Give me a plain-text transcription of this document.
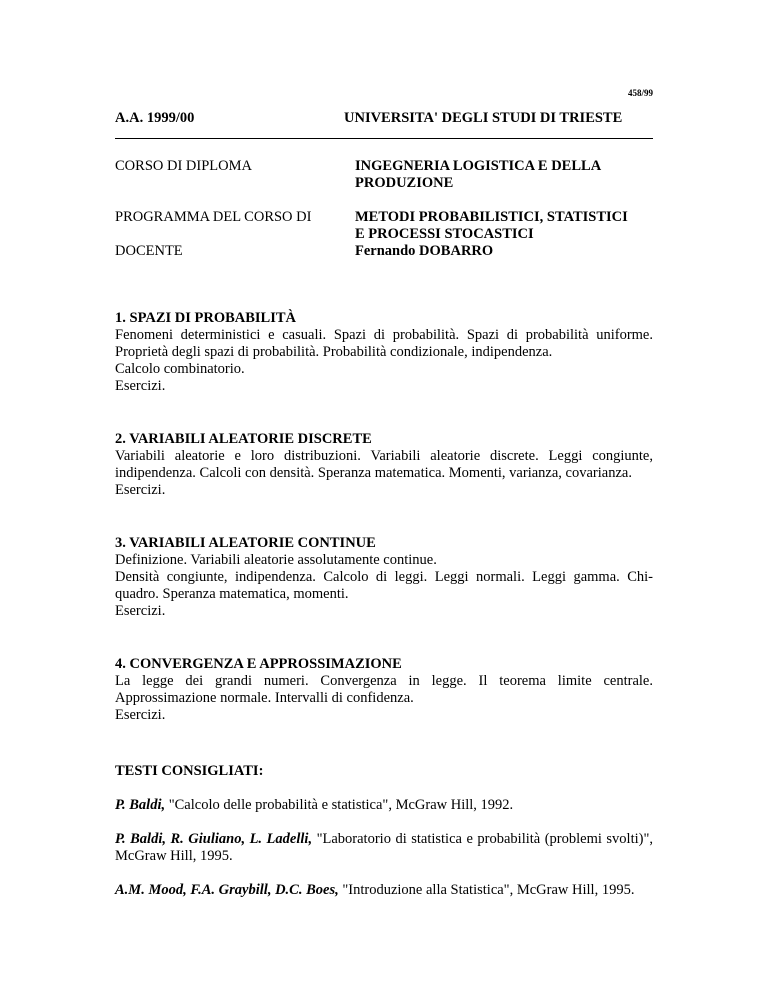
458/99
A.A. 1999/00	UNIVERSITA' DEGLI STUDI DI TRIESTE
CORSO DI DIPLOMA	INGEGNERIA LOGISTICA E DELLA
PRODUZIONE
PROGRAMMA DEL CORSO DI	METODI PROBABILISTICI, STATISTICI
E PROCESSI STOCASTICI
DOCENTE	Fernando DOBARRO
1. SPAZI DI PROBABILITÀ

Fenomeni deterministici e casuali. Spazi di probabilità. Spazi di probabilità uniforme. Proprietà degli spazi di probabilità. Probabilità condizionale, indipendenza.

Calcolo combinatorio.

Esercizi.

2. VARIABILI ALEATORIE DISCRETE

Variabili aleatorie e loro distribuzioni. Variabili aleatorie discrete. Leggi congiunte, indipendenza. Calcoli con densità. Speranza matematica. Momenti, varianza, covarianza.

Esercizi.

3. VARIABILI ALEATORIE CONTINUE

Definizione. Variabili aleatorie assolutamente continue.

Densità congiunte, indipendenza. Calcolo di leggi. Leggi normali. Leggi gamma. Chi-quadro. Speranza matematica, momenti.

Esercizi.

4. CONVERGENZA E APPROSSIMAZIONE

La legge dei grandi numeri. Convergenza in legge. Il teorema limite centrale. Approssimazione normale. Intervalli di confidenza.

Esercizi.

TESTI CONSIGLIATI:
P. Baldi, "Calcolo delle probabilità e statistica", McGraw Hill, 1992.
P. Baldi, R. Giuliano, L. Ladelli, "Laboratorio di statistica e probabilità (problemi svolti)", McGraw Hill, 1995.
A.M. Mood, F.A. Graybill, D.C. Boes, "Introduzione alla Statistica", McGraw Hill, 1995.
